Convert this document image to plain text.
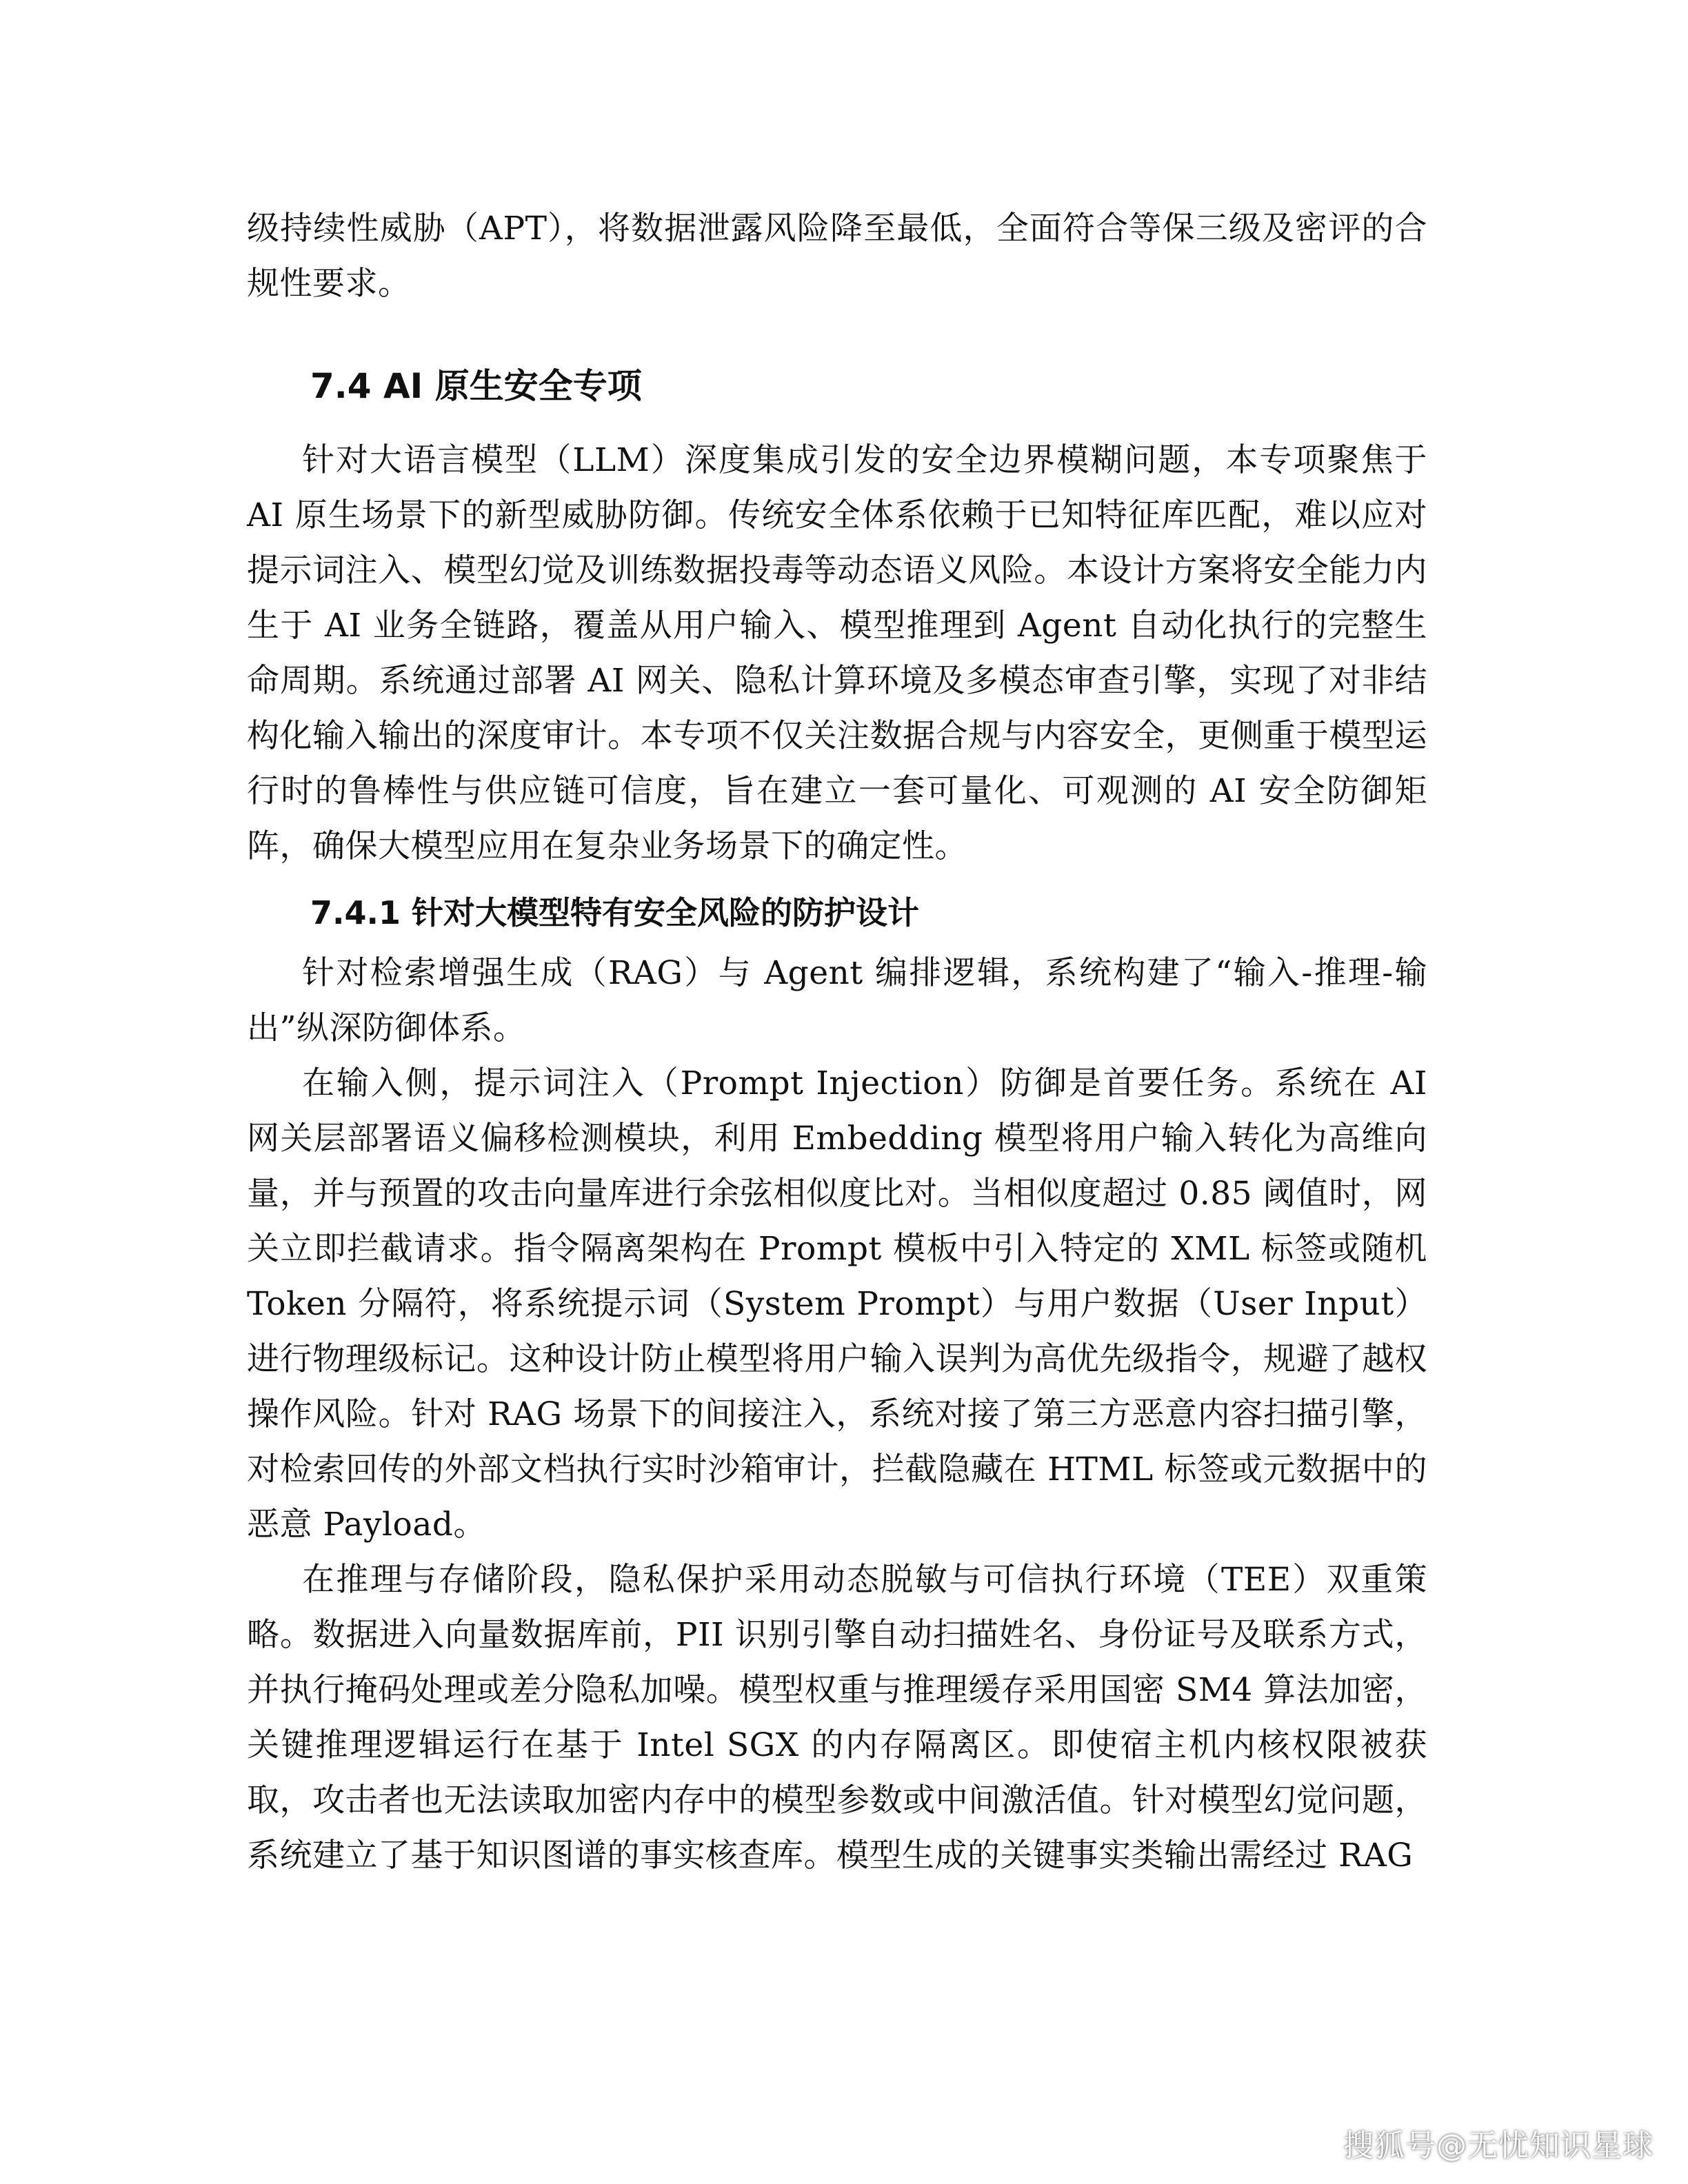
级持续性威胁（APT），将数据泄露风险降至最低，全面符合等保三级及密评的合规性要求。

7.4 AI 原生安全专项

针对大语言模型（LLM）深度集成引发的安全边界模糊问题，本专项聚焦于 AI 原生场景下的新型威胁防御。传统安全体系依赖于已知特征库匹配，难以应对提示词注入、模型幻觉及训练数据投毒等动态语义风险。本设计方案将安全能力内生于 AI 业务全链路，覆盖从用户输入、模型推理到 Agent 自动化执行的完整生命周期。系统通过部署 AI 网关、隐私计算环境及多模态审查引擎，实现了对非结构化输入输出的深度审计。本专项不仅关注数据合规与内容安全，更侧重于模型运行时的鲁棒性与供应链可信度，旨在建立一套可量化、可观测的 AI 安全防御矩阵，确保大模型应用在复杂业务场景下的确定性。

7.4.1 针对大模型特有安全风险的防护设计

针对检索增强生成（RAG）与 Agent 编排逻辑，系统构建了“输入-推理-输出”纵深防御体系。

在输入侧，提示词注入（Prompt Injection）防御是首要任务。系统在 AI 网关层部署语义偏移检测模块，利用 Embedding 模型将用户输入转化为高维向量，并与预置的攻击向量库进行余弦相似度比对。当相似度超过 0.85 阈值时，网关立即拦截请求。指令隔离架构在 Prompt 模板中引入特定的 XML 标签或随机 Token 分隔符，将系统提示词（System Prompt）与用户数据（User Input）进行物理级标记。这种设计防止模型将用户输入误判为高优先级指令，规避了越权操作风险。针对 RAG 场景下的间接注入，系统对接了第三方恶意内容扫描引擎，对检索回传的外部文档执行实时沙箱审计，拦截隐藏在 HTML 标签或元数据中的恶意 Payload。

在推理与存储阶段，隐私保护采用动态脱敏与可信执行环境（TEE）双重策略。数据进入向量数据库前，PII 识别引擎自动扫描姓名、身份证号及联系方式，并执行掩码处理或差分隐私加噪。模型权重与推理缓存采用国密 SM4 算法加密，关键推理逻辑运行在基于 Intel SGX 的内存隔离区。即使宿主机内核权限被获取，攻击者也无法读取加密内存中的模型参数或中间激活值。针对模型幻觉问题，系统建立了基于知识图谱的事实核查库。模型生成的关键事实类输出需经过 RAG

搜狐号@无忧知识星球
